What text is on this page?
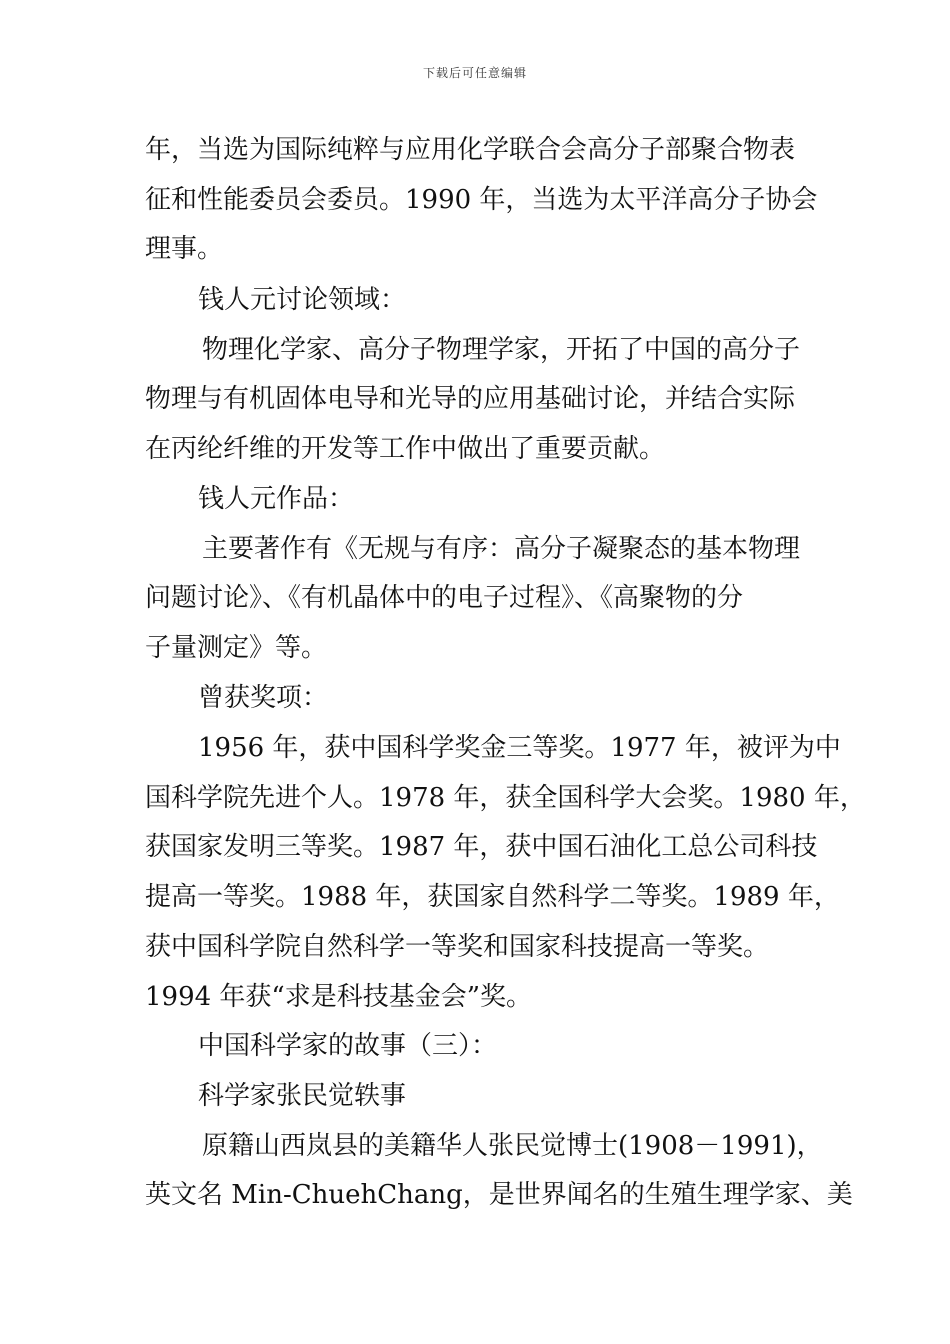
下载后可任意编辑
年，当选为国际纯粹与应用化学联合会高分子部聚合物表
征和性能委员会委员。1990 年，当选为太平洋高分子协会
理事。
钱人元讨论领域：
物理化学家、高分子物理学家，开拓了中国的高分子
物理与有机固体电导和光导的应用基础讨论，并结合实际
在丙纶纤维的开发等工作中做出了重要贡献。
钱人元作品：
主要著作有《无规与有序：高分子凝聚态的基本物理
问题讨论》、《有机晶体中的电子过程》、《高聚物的分
子量测定》等。
曾获奖项：
1956 年，获中国科学奖金三等奖。1977 年，被评为中
国科学院先进个人。1978 年，获全国科学大会奖。1980 年，
获国家发明三等奖。1987 年，获中国石油化工总公司科技
提高一等奖。1988 年，获国家自然科学二等奖。1989 年，
获中国科学院自然科学一等奖和国家科技提高一等奖。
1994 年获“求是科技基金会”奖。
中国科学家的故事（三）：
科学家张民觉轶事
原籍山西岚县的美籍华人张民觉博士(1908－1991)，
英文名 Min-ChuehChang，是世界闻名的生殖生理学家、美
